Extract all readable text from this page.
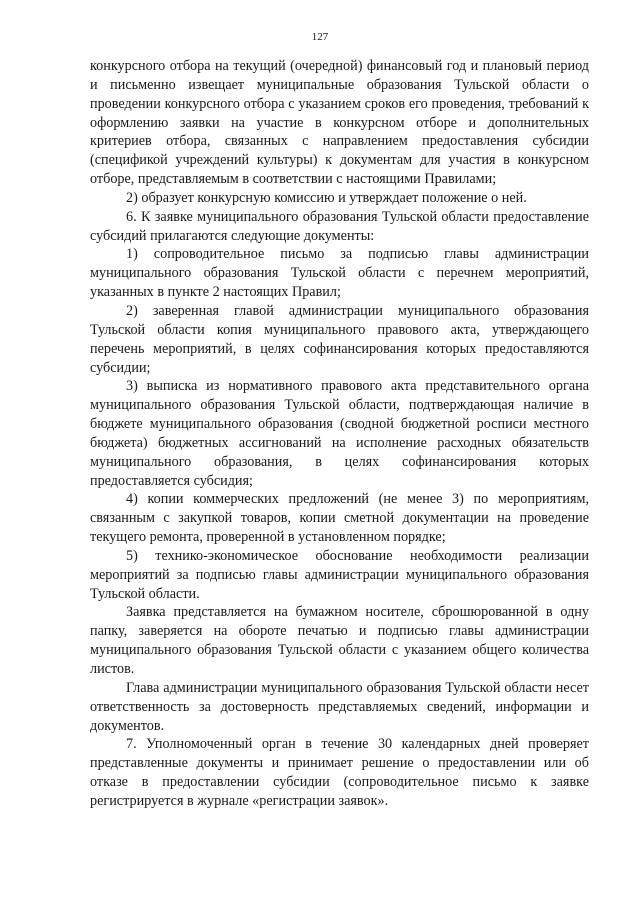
127

конкурсного отбора на текущий (очередной) финансовый год и плановый период и письменно извещает муниципальные образования Тульской области о проведении конкурсного отбора с указанием сроков его проведения, требований к оформлению заявки на участие в конкурсном отборе и дополнительных критериев отбора, связанных с направлением предоставления субсидии (спецификой учреждений культуры) к документам для участия в конкурсном отборе, представляемым в соответствии с настоящими Правилами;

2) образует конкурсную комиссию и утверждает положение о ней.

6. К заявке муниципального образования Тульской области предоставление субсидий прилагаются следующие документы:

1) сопроводительное письмо за подписью главы администрации муниципального образования Тульской области с перечнем мероприятий, указанных в пункте 2 настоящих Правил;

2) заверенная главой администрации муниципального образования Тульской области копия муниципального правового акта, утверждающего перечень мероприятий, в целях софинансирования которых предоставляются субсидии;

3) выписка из нормативного правового акта представительного органа муниципального образования Тульской области, подтверждающая наличие в бюджете муниципального образования (сводной бюджетной росписи местного бюджета) бюджетных ассигнований на исполнение расходных обязательств муниципального образования, в целях софинансирования которых предоставляется субсидия;

4) копии коммерческих предложений (не менее 3) по мероприятиям, связанным с закупкой товаров, копии сметной документации на проведение текущего ремонта, проверенной в установленном порядке;

5) технико-экономическое обоснование необходимости реализации мероприятий за подписью главы администрации муниципального образования Тульской области.

Заявка представляется на бумажном носителе, сброшюрованной в одну папку, заверяется на обороте печатью и подписью главы администрации муниципального образования Тульской области с указанием общего количества листов.

Глава администрации муниципального образования Тульской области несет ответственность за достоверность представляемых сведений, информации и документов.

7. Уполномоченный орган в течение 30 календарных дней проверяет представленные документы и принимает решение о предоставлении или об отказе в предоставлении субсидии (сопроводительное письмо к заявке регистрируется в журнале «регистрации заявок».
